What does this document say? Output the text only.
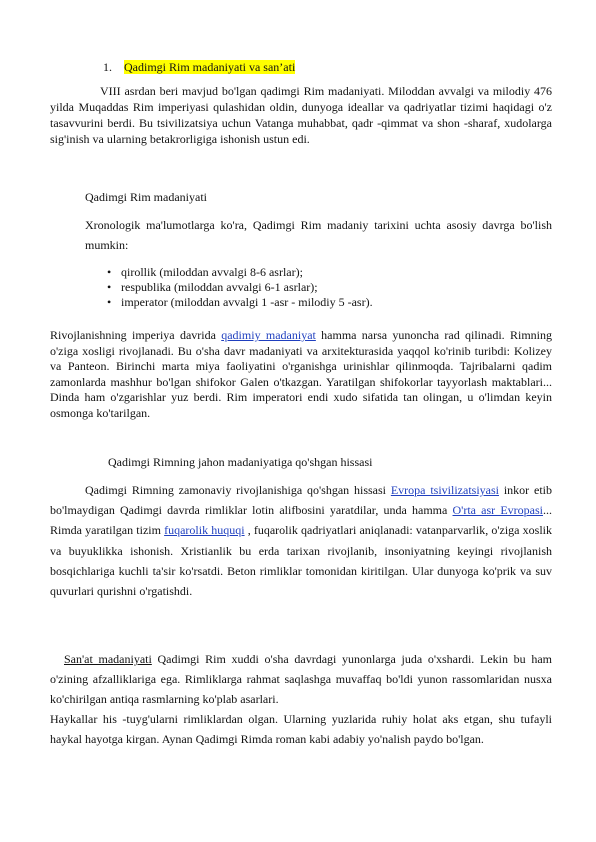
1. Qadimgi Rim madaniyati va san’ati
VIII asrdan beri mavjud bo'lgan qadimgi Rim madaniyati. Miloddan avvalgi va milodiy 476 yilda Muqaddas Rim imperiyasi qulashidan oldin, dunyoga ideallar va qadriyatlar tizimi haqidagi o'z tasavvurini berdi. Bu tsivilizatsiya uchun Vatanga muhabbat, qadr -qimmat va shon -sharaf, xudolarga sig'inish va ularning betakrorligiga ishonish ustun edi.
Qadimgi Rim madaniyati
Xronologik ma'lumotlarga ko'ra, Qadimgi Rim madaniy tarixini uchta asosiy davrga bo'lish mumkin:
• qirollik (miloddan avvalgi 8-6 asrlar);
• respublika (miloddan avvalgi 6-1 asrlar);
• imperator (miloddan avvalgi 1 -asr - milodiy 5 -asr).
Rivojlanishning imperiya davrida qadimiy madaniyat hamma narsa yunoncha rad qilinadi. Rimning o'ziga xosligi rivojlanadi. Bu o'sha davr madaniyati va arxitekturasida yaqqol ko'rinib turibdi: Kolizey va Panteon. Birinchi marta miya faoliyatini o'rganishga urinishlar qilinmoqda. Tajribalarni qadim zamonlarda mashhur bo'lgan shifokor Galen o'tkazgan. Yaratilgan shifokorlar tayyorlash maktablari... Dinda ham o'zgarishlar yuz berdi. Rim imperatori endi xudo sifatida tan olingan, u o'limdan keyin osmonga ko'tarilgan.
Qadimgi Rimning jahon madaniyatiga qo'shgan hissasi
Qadimgi Rimning zamonaviy rivojlanishiga qo'shgan hissasi Evropa tsivilizatsiyasi inkor etib bo'lmaydigan Qadimgi davrda rimliklar lotin alifbosini yaratdilar, unda hamma O'rta asr Evropasi... Rimda yaratilgan tizim fuqarolik huquqi , fuqarolik qadriyatlari aniqlanadi: vatanparvarlik, o'ziga xoslik va buyuklikka ishonish. Xristianlik bu erda tarixan rivojlanib, insoniyatning keyingi rivojlanish bosqichlariga kuchli ta'sir ko'rsatdi. Beton rimliklar tomonidan kiritilgan. Ular dunyoga ko'prik va suv quvurlari qurishni o'rgatishdi.
San'at madaniyati Qadimgi Rim xuddi o'sha davrdagi yunonlarga juda o'xshardi. Lekin bu ham o'zining afzalliklariga ega. Rimliklarga rahmat saqlashga muvaffaq bo'ldi yunon rassomlaridan nusxa ko'chirilgan antiqa rasmlarning ko'plab asarlari.
Haykallar his -tuyg'ularni rimliklardan olgan. Ularning yuzlarida ruhiy holat aks etgan, shu tufayli haykal hayotga kirgan. Aynan Qadimgi Rimda roman kabi adabiy yo'nalish paydo bo'lgan.
